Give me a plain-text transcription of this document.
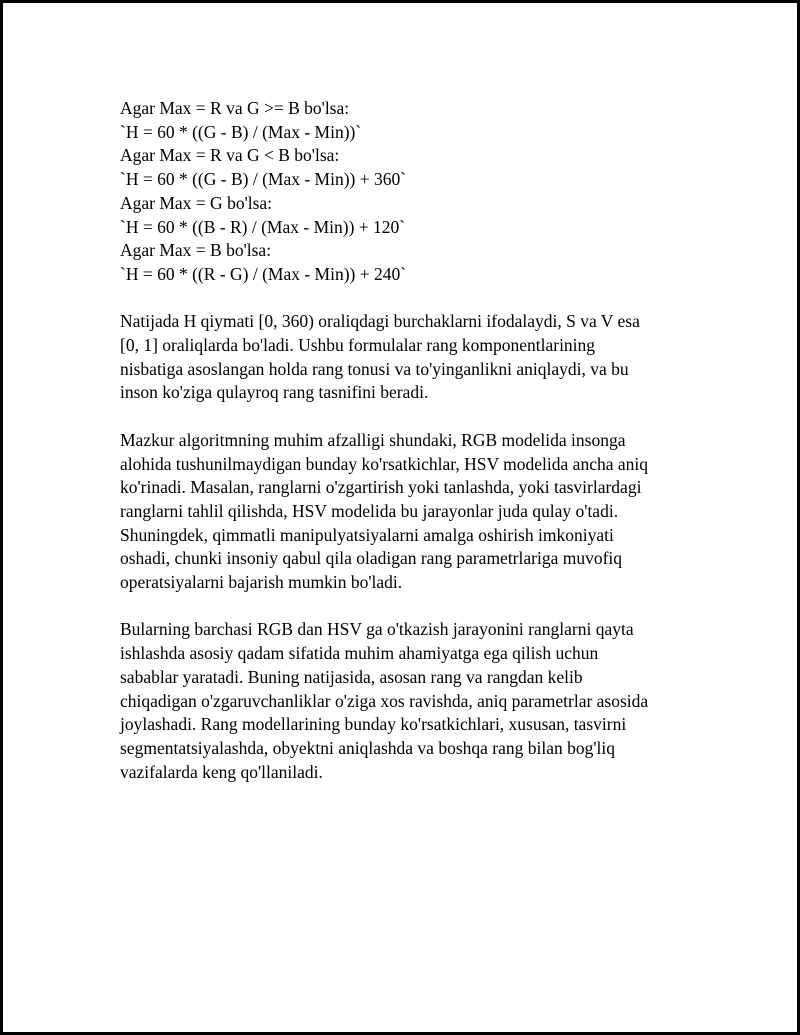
Agar Max = R va G >= B bo'lsa:
`H = 60 * ((G - B) / (Max - Min))`
Agar Max = R va G < B bo'lsa:
`H = 60 * ((G - B) / (Max - Min)) + 360`
Agar Max = G bo'lsa:
`H = 60 * ((B - R) / (Max - Min)) + 120`
Agar Max = B bo'lsa:
`H = 60 * ((R - G) / (Max - Min)) + 240`
Natijada H qiymati [0, 360) oraliqdagi burchaklarni ifodalaydi, S va V esa
[0, 1] oraliqlarda bo'ladi. Ushbu formulalar rang komponentlarining
nisbatiga asoslangan holda rang tonusi va to'yinganlikni aniqlaydi, va bu
inson ko'ziga qulayroq rang tasnifini beradi.
Mazkur algoritmning muhim afzalligi shundaki, RGB modelida insonga
alohida tushunilmaydigan bunday ko'rsatkichlar, HSV modelida ancha aniq
ko'rinadi. Masalan, ranglarni o'zgartirish yoki tanlashda, yoki tasvirlardagi
ranglarni tahlil qilishda, HSV modelida bu jarayonlar juda qulay o'tadi.
Shuningdek, qimmatli manipulyatsiyalarni amalga oshirish imkoniyati
oshadi, chunki insoniy qabul qila oladigan rang parametrlariga muvofiq
operatsiyalarni bajarish mumkin bo'ladi.
Bularning barchasi RGB dan HSV ga o'tkazish jarayonini ranglarni qayta
ishlashda asosiy qadam sifatida muhim ahamiyatga ega qilish uchun
sabablar yaratadi. Buning natijasida, asosan rang va rangdan kelib
chiqadigan o'zgaruvchanliklar o'ziga xos ravishda, aniq parametrlar asosida
joylashadi. Rang modellarining bunday ko'rsatkichlari, xususan, tasvirni
segmentatsiyalashda, obyektni aniqlashda va boshqa rang bilan bog'liq
vazifalarda keng qo'llaniladi.
